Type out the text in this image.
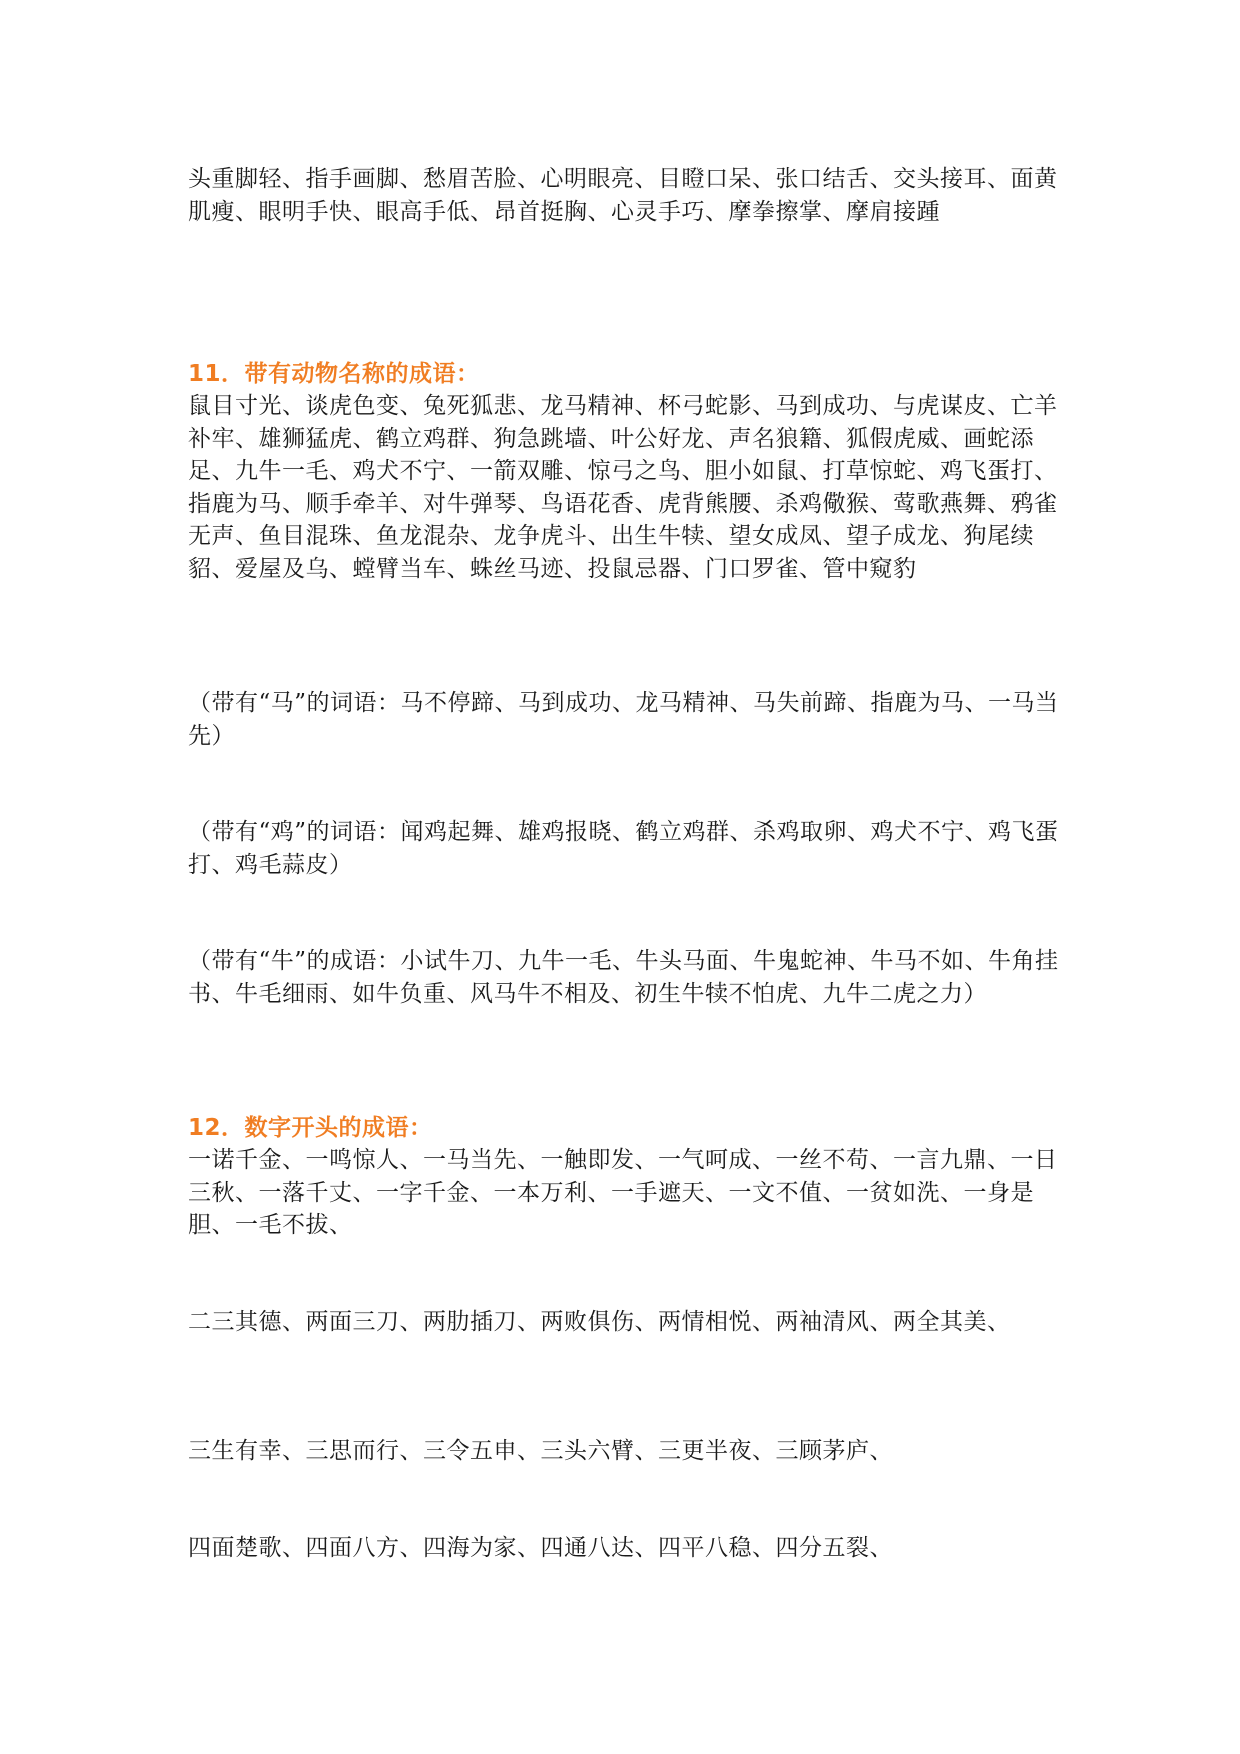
头重脚轻、指手画脚、愁眉苦脸、心明眼亮、目瞪口呆、张口结舌、交头接耳、面黄肌瘦、眼明手快、眼高手低、昂首挺胸、心灵手巧、摩拳擦掌、摩肩接踵
11．带有动物名称的成语：
鼠目寸光、谈虎色变、兔死狐悲、龙马精神、杯弓蛇影、马到成功、与虎谋皮、亡羊补牢、雄狮猛虎、鹤立鸡群、狗急跳墙、叶公好龙、声名狼籍、狐假虎威、画蛇添足、九牛一毛、鸡犬不宁、一箭双雕、惊弓之鸟、胆小如鼠、打草惊蛇、鸡飞蛋打、指鹿为马、顺手牵羊、对牛弹琴、鸟语花香、虎背熊腰、杀鸡儆猴、莺歌燕舞、鸦雀无声、鱼目混珠、鱼龙混杂、龙争虎斗、出生牛犊、望女成凤、望子成龙、狗尾续貂、爱屋及乌、螳臂当车、蛛丝马迹、投鼠忌器、门口罗雀、管中窥豹
（带有“马”的词语：马不停蹄、马到成功、龙马精神、马失前蹄、指鹿为马、一马当先）
（带有“鸡”的词语：闻鸡起舞、雄鸡报晓、鹤立鸡群、杀鸡取卵、鸡犬不宁、鸡飞蛋打、鸡毛蒜皮）
（带有“牛”的成语：小试牛刀、九牛一毛、牛头马面、牛鬼蛇神、牛马不如、牛角挂书、牛毛细雨、如牛负重、风马牛不相及、初生牛犊不怕虎、九牛二虎之力）
12．数字开头的成语：
一诺千金、一鸣惊人、一马当先、一触即发、一气呵成、一丝不苟、一言九鼎、一日三秋、一落千丈、一字千金、一本万利、一手遮天、一文不值、一贫如洗、一身是胆、一毛不拔、
二三其德、两面三刀、两肋插刀、两败俱伤、两情相悦、两袖清风、两全其美、
三生有幸、三思而行、三令五申、三头六臂、三更半夜、三顾茅庐、
四面楚歌、四面八方、四海为家、四通八达、四平八稳、四分五裂、
